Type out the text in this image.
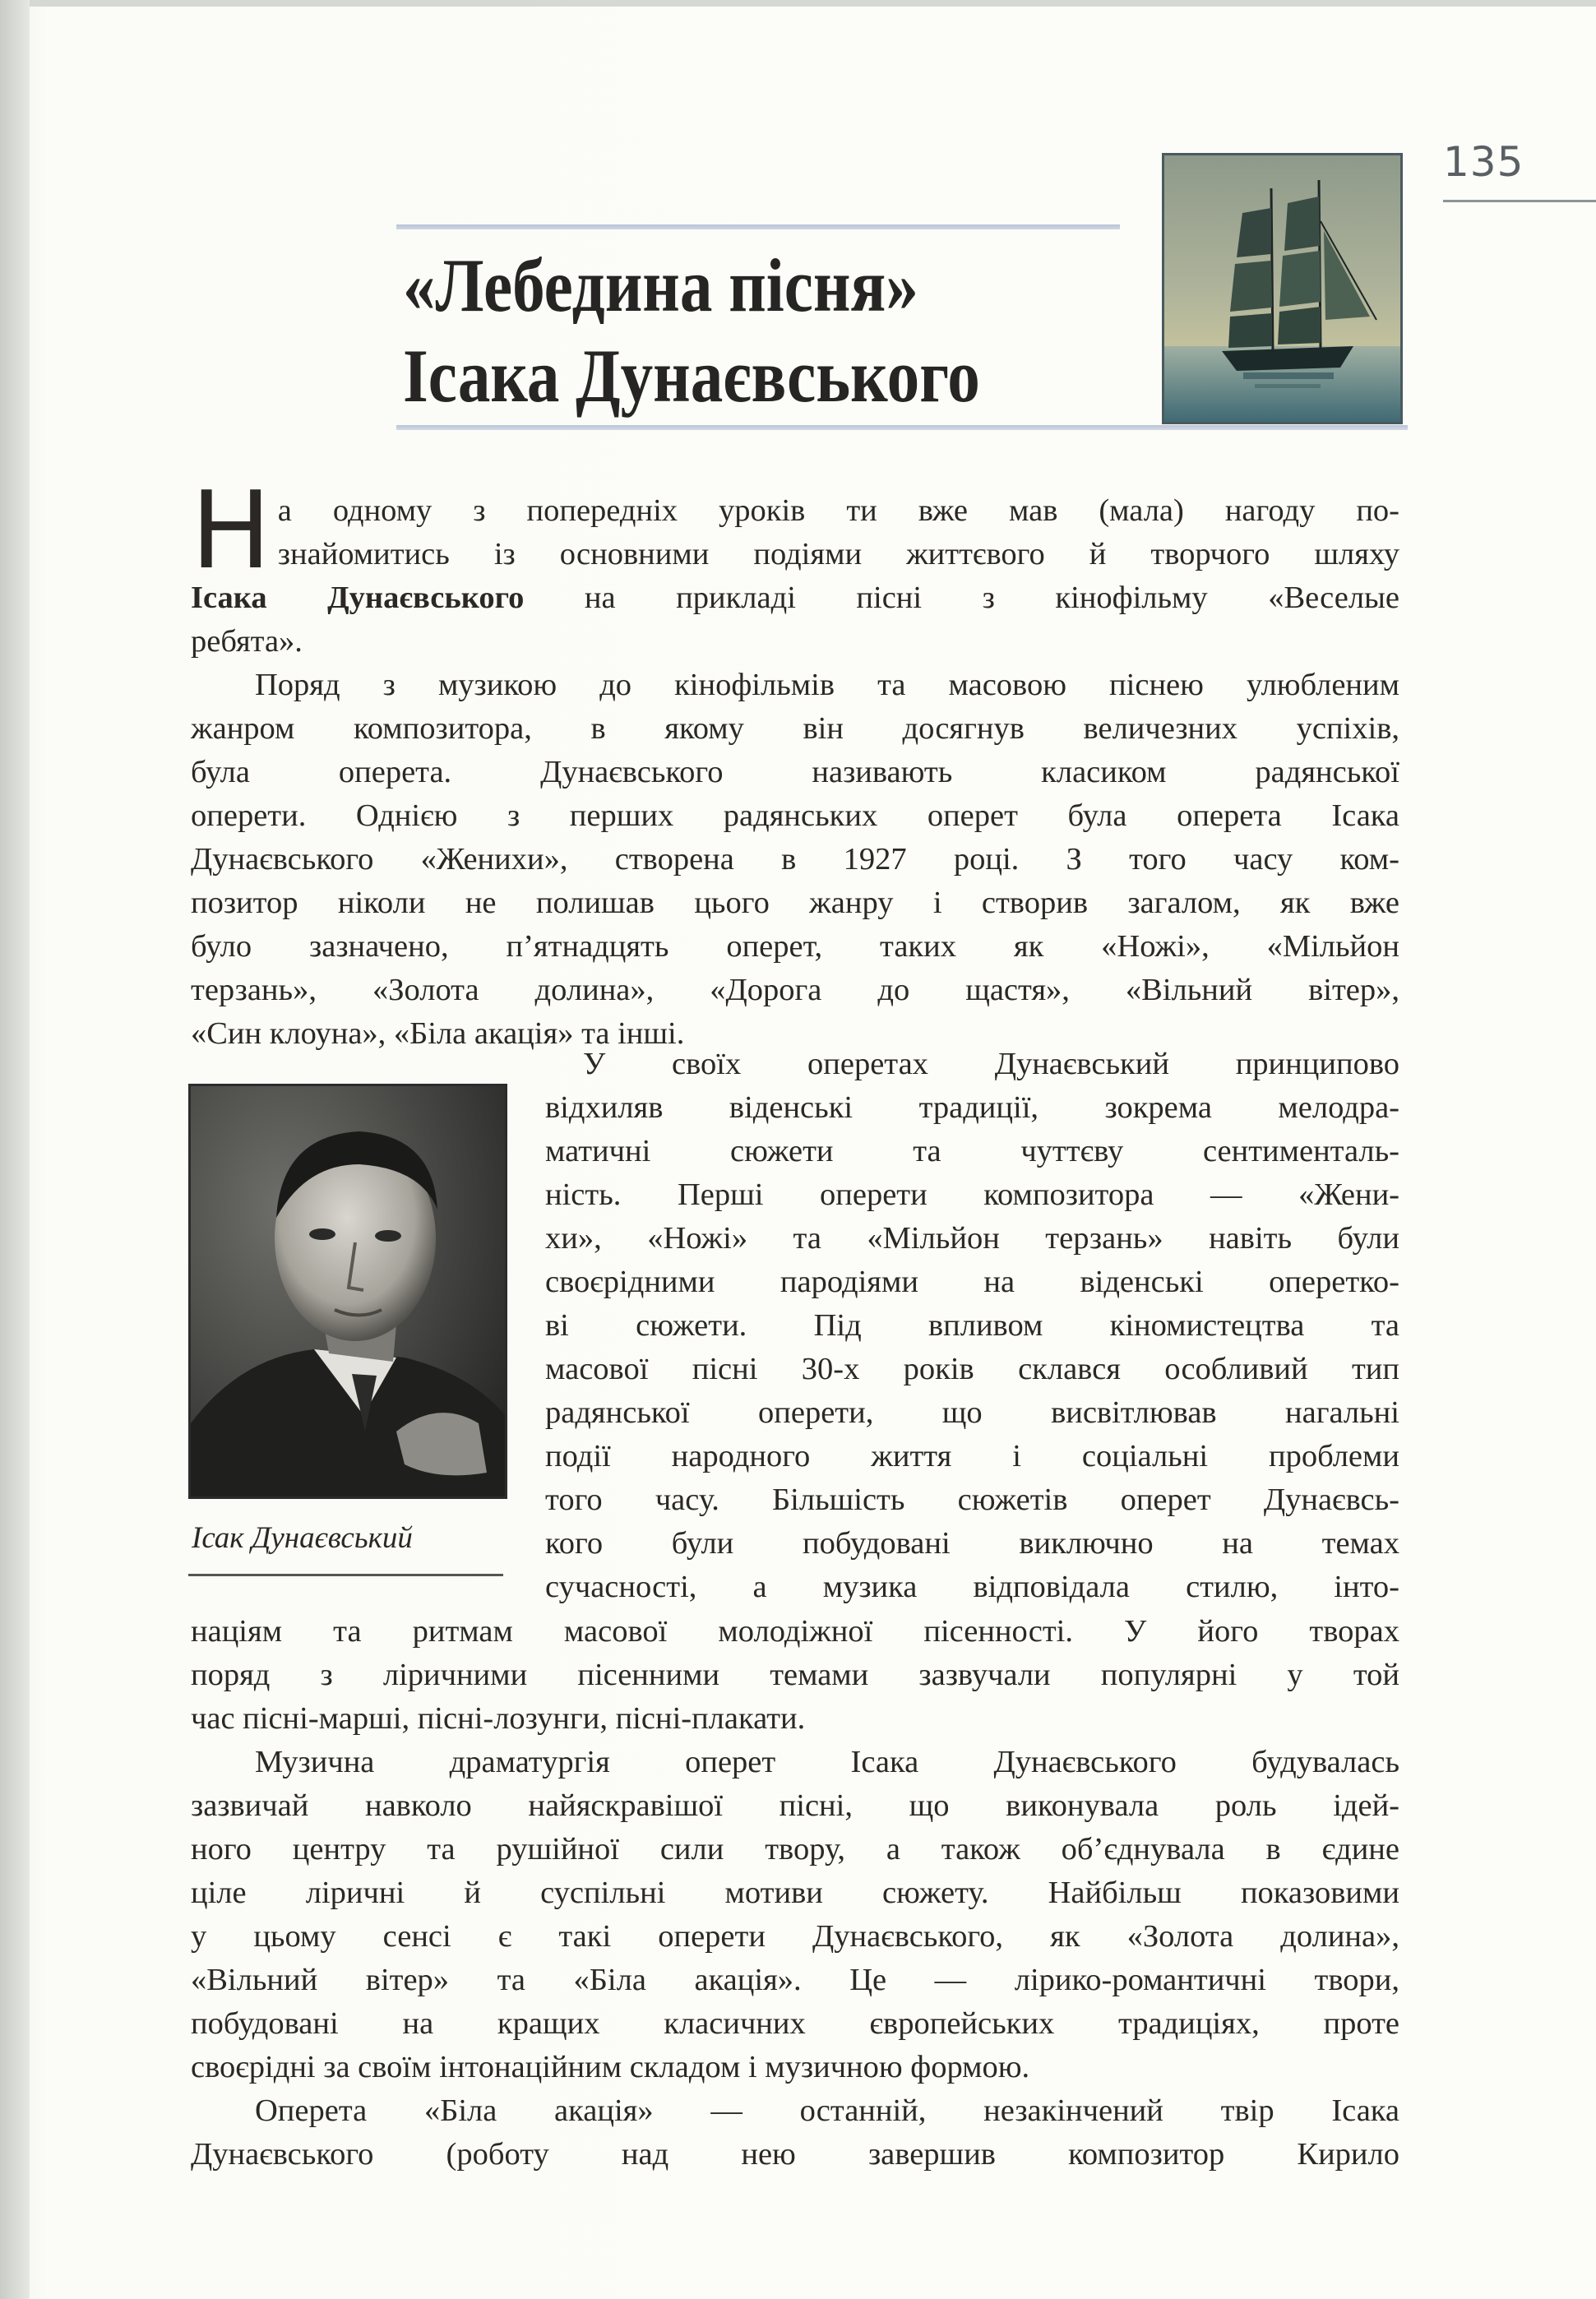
135
«Лебедина пісня»
Ісака Дунаєвського
Н а одному з попередніх уроків ти вже мав (мала) нагоду по-
знайомитись із основними подіями життєвого й творчого шляху
Ісака Дунаєвського на прикладі пісні з кінофільму «Веселые
ребята».
Поряд з музикою до кінофільмів та масовою піснею улюбленим
жанром композитора, в якому він досягнув величезних успіхів,
була оперета. Дунаєвського називають класиком радянської
оперети. Однією з перших радянських оперет була оперета Ісака
Дунаєвського «Женихи», створена в 1927 році. З того часу ком-
позитор ніколи не полишав цього жанру і створив загалом, як вже
було зазначено, п’ятнадцять оперет, таких як «Ножі», «Мільйон
терзань», «Золота долина», «Дорога до щастя», «Вільний вітер»,
«Син клоуна», «Біла акація» та інші.
Ісак Дунаєвський
У своїх оперетах Дунаєвський принципово
відхиляв віденські традиції, зокрема мелодра-
матичні сюжети та чуттєву сентименталь-
ність. Перші оперети композитора — «Жени-
хи», «Ножі» та «Мільйон терзань» навіть були
своєрідними пародіями на віденські оперетко-
ві сюжети. Під впливом кіномистецтва та
масової пісні 30-х років склався особливий тип
радянської оперети, що висвітлював нагальні
події народного життя і соціальні проблеми
того часу. Більшість сюжетів оперет Дунаєвсь-
кого були побудовані виключно на темах
сучасності, а музика відповідала стилю, інто-
націям та ритмам масової молодіжної пісенності. У його творах
поряд з ліричними пісенними темами зазвучали популярні у той
час пісні-марші, пісні-лозунги, пісні-плакати.
Музична драматургія оперет Ісака Дунаєвського будувалась
зазвичай навколо найяскравішої пісні, що виконувала роль ідей-
ного центру та рушійної сили твору, а також об’єднувала в єдине
ціле ліричні й суспільні мотиви сюжету. Найбільш показовими
у цьому сенсі є такі оперети Дунаєвського, як «Золота долина»,
«Вільний вітер» та «Біла акація». Це — лірико-романтичні твори,
побудовані на кращих класичних європейських традиціях, проте
своєрідні за своїм інтонаційним складом і музичною формою.
Оперета «Біла акація» — останній, незакінчений твір Ісака
Дунаєвського (роботу над нею завершив композитор Кирило
